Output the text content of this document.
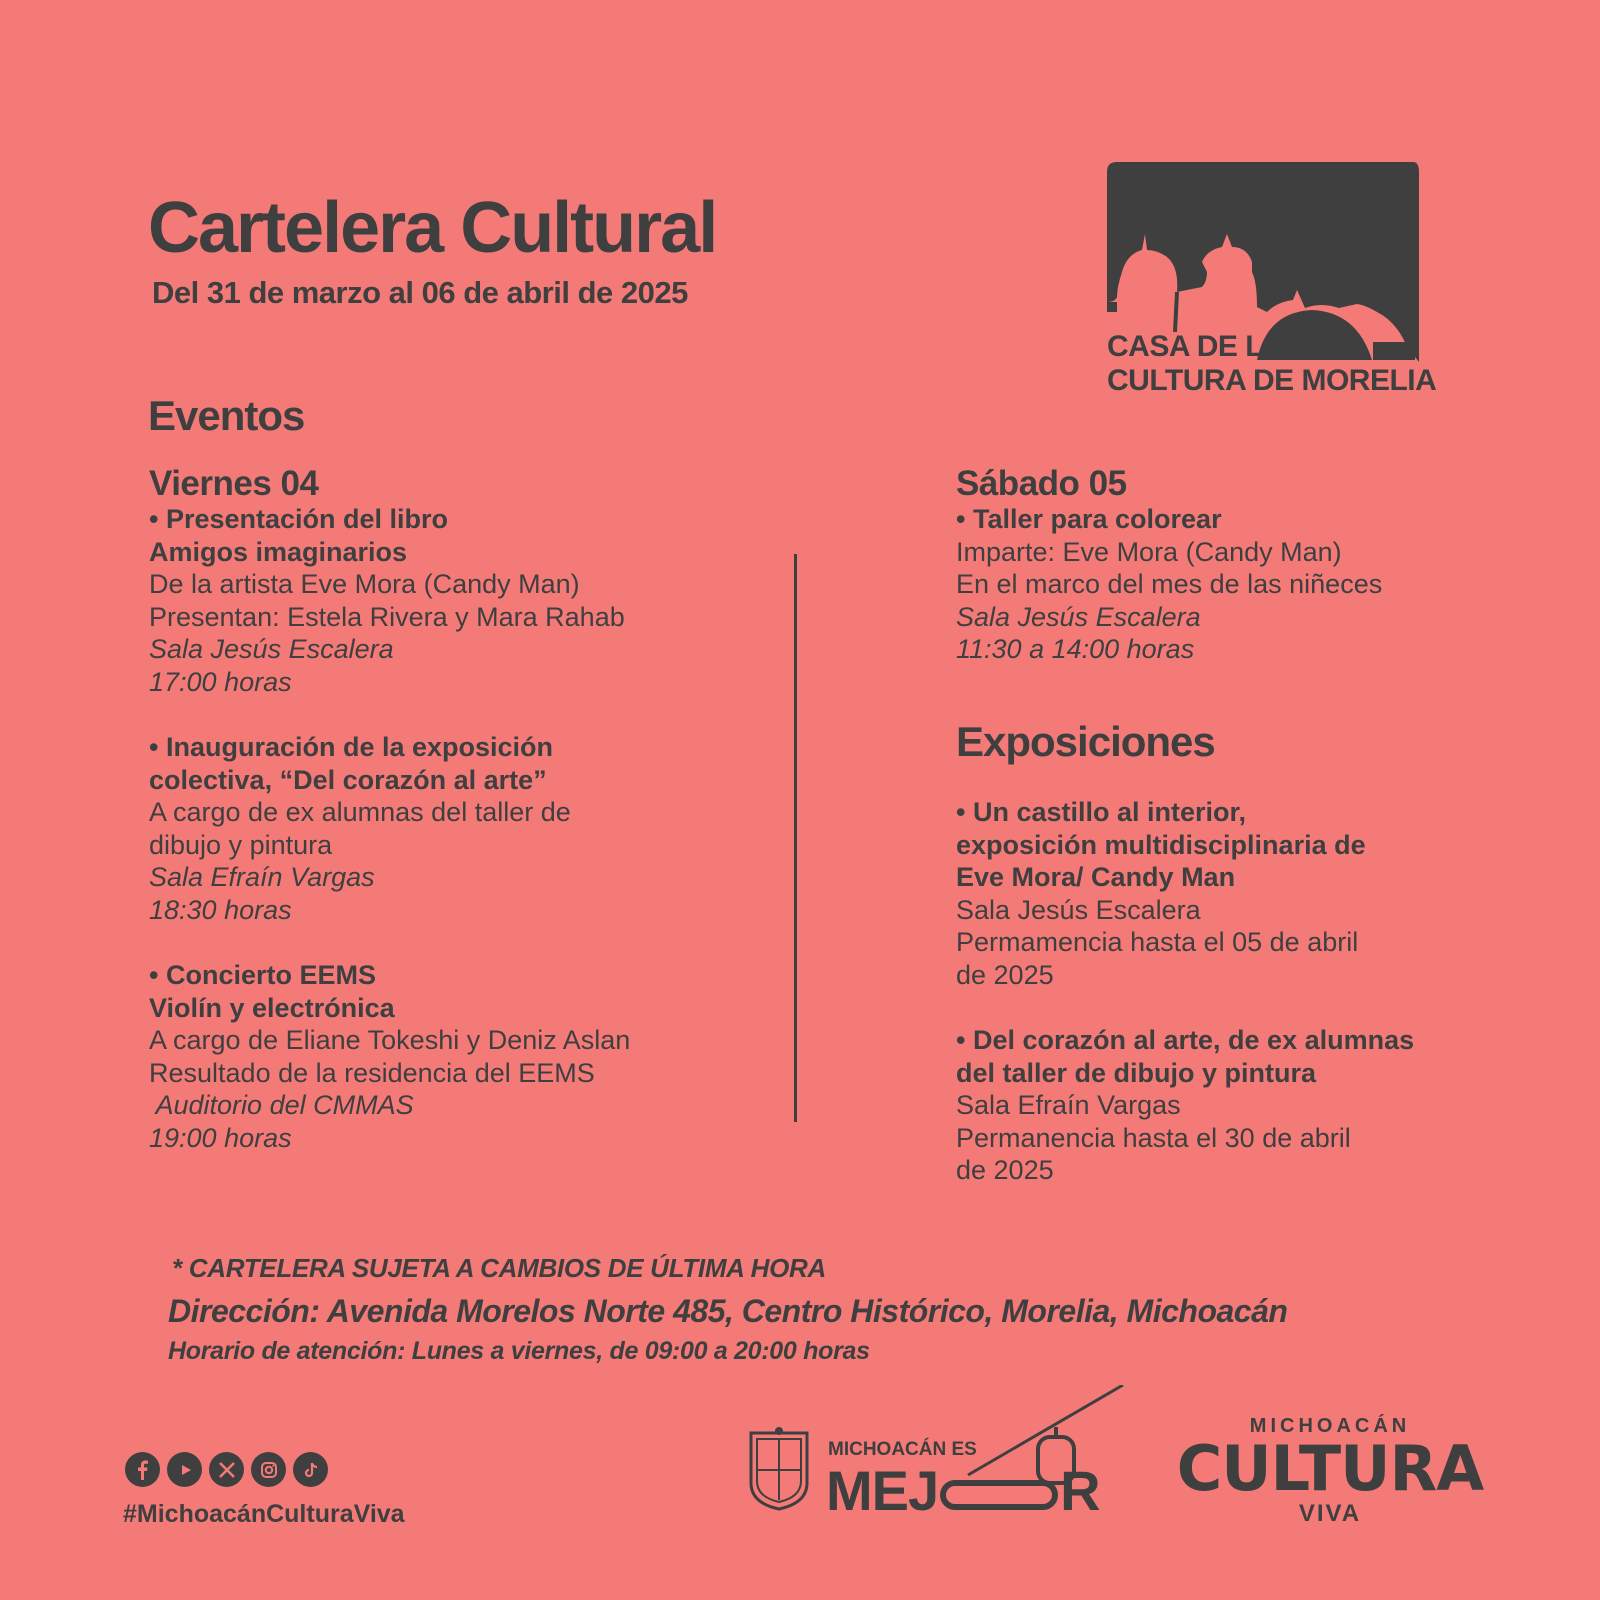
Cartelera Cultural
Del 31 de marzo al 06 de abril de 2025
CASA DE LA
CULTURA DE MORELIA
Eventos
Viernes 04
• Presentación del libro
Amigos imaginarios
De la artista Eve Mora (Candy Man)
Presentan: Estela Rivera y Mara Rahab
Sala Jesús Escalera
17:00 horas
• Inauguración de la exposición
colectiva, “Del corazón al arte”
A cargo de ex alumnas del taller de
dibujo y pintura
Sala Efraín Vargas
18:30 horas
• Concierto EEMS
Violín y electrónica
A cargo de Eliane Tokeshi y Deniz Aslan
Resultado de la residencia del EEMS
Auditorio del CMMAS
19:00 horas
Sábado 05
• Taller para colorear
Imparte: Eve Mora (Candy Man)
En el marco del mes de las niñeces
Sala Jesús Escalera
11:30 a 14:00 horas
Exposiciones
• Un castillo al interior,
exposición multidisciplinaria de
Eve Mora/ Candy Man
Sala Jesús Escalera
Permamencia hasta el 05 de abril
de 2025
• Del corazón al arte, de ex alumnas
del taller de dibujo y pintura
Sala Efraín Vargas
Permanencia hasta el 30 de abril
de 2025
* CARTELERA SUJETA A CAMBIOS DE ÚLTIMA HORA
Dirección: Avenida Morelos Norte 485, Centro Histórico, Morelia, Michoacán
Horario de atención: Lunes a viernes, de 09:00 a 20:00 horas
#MichoacánCulturaViva
MICHOACÁN ES
MEJ R
MICHOACÁN
CULTURA
VIVA
